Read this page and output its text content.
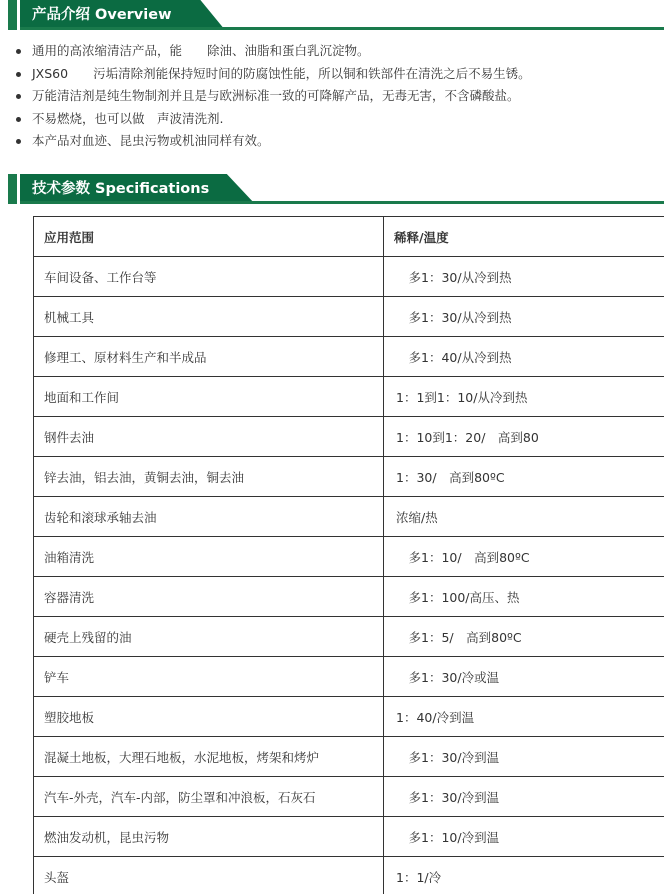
产品介绍 Overview
通用的高浓缩清洁产品，能　　除油、油脂和蛋白乳沉淀物。
JXS60　　污垢清除剂能保持短时间的防腐蚀性能，所以铜和铁部件在清洗之后不易生锈。
万能清洁剂是纯生物制剂并且是与欧洲标准一致的可降解产品，无毒无害，不含磷酸盐。
不易燃烧，也可以做　声波清洗剂.
本产品对血迹、昆虫污物或机油同样有效。
技术参数 Specifications
应用范围	稀释/温度
车间设备、工作台等	　多1：30/从冷到热
机械工具	　多1：30/从冷到热
修理工、原材料生产和半成品	　多1：40/从冷到热
地面和工作间	1：1到1：10/从冷到热
钢件去油	1：10到1：20/　高到80
锌去油，铝去油，黄铜去油，铜去油	1：30/　高到80ºC
齿轮和滚球承轴去油	浓缩/热
油箱清洗	　多1：10/　高到80ºC
容器清洗	　多1：100/高压、热
硬壳上残留的油	　多1：5/　高到80ºC
铲车	　多1：30/冷或温
塑胶地板	1：40/冷到温
混凝土地板，大理石地板，水泥地板，烤架和烤炉	　多1：30/冷到温
汽车-外壳，汽车-内部，防尘罩和冲浪板，石灰石	　多1：30/冷到温
燃油发动机，昆虫污物	　多1：10/冷到温
头盔	1：1/冷
